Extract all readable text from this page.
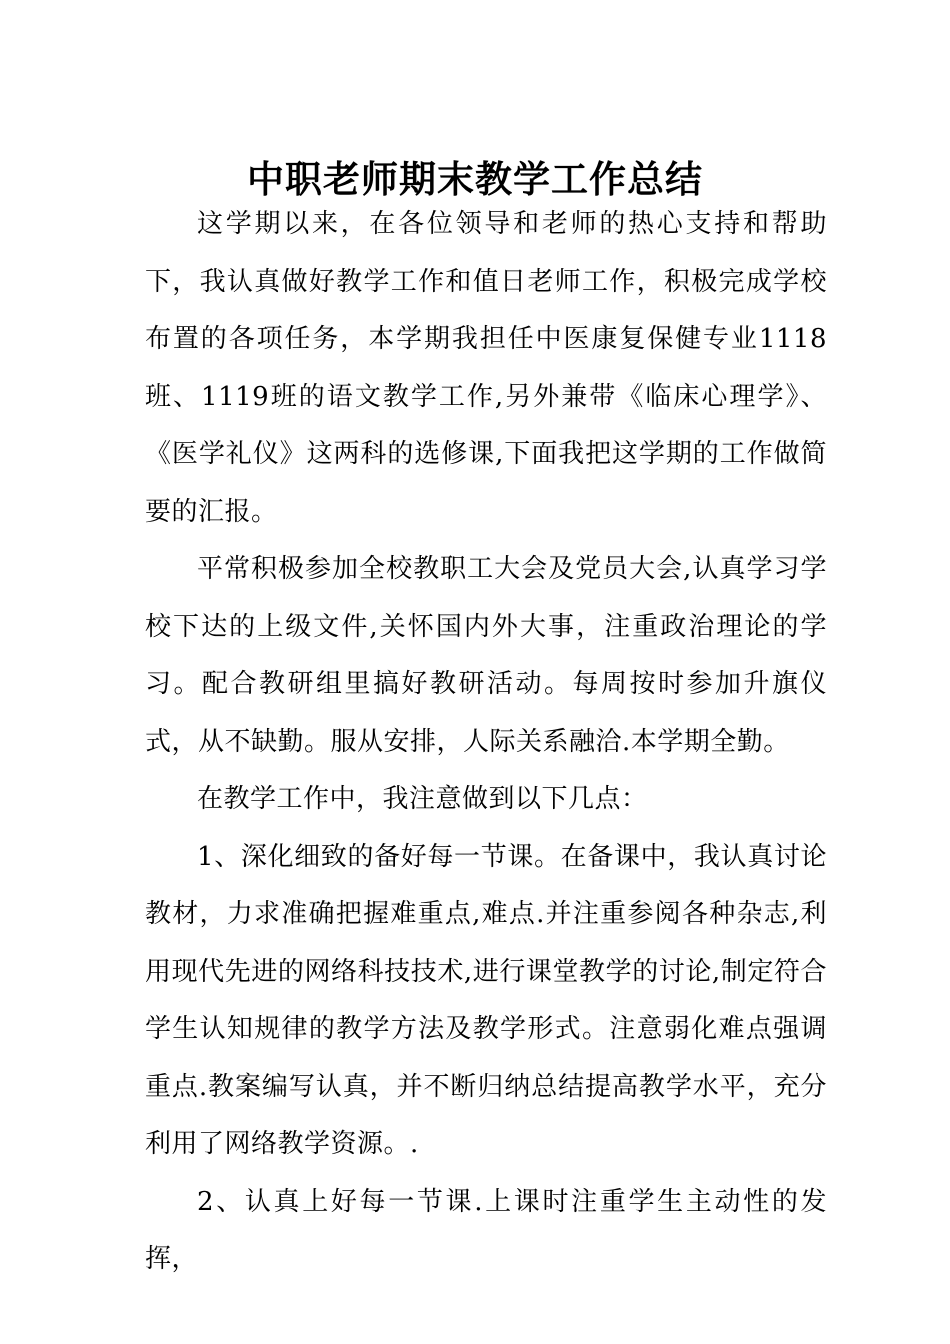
中职老师期末教学工作总结

这学期以来，在各位领导和老师的热心支持和帮助下，我认真做好教学工作和值日老师工作，积极完成学校布置的各项任务，本学期我担任中医康复保健专业1118班、1119班的语文教学工作,另外兼带《临床心理学》、《医学礼仪》这两科的选修课,下面我把这学期的工作做简要的汇报。

平常积极参加全校教职工大会及党员大会,认真学习学校下达的上级文件,关怀国内外大事，注重政治理论的学习。配合教研组里搞好教研活动。每周按时参加升旗仪式，从不缺勤。服从安排，人际关系融洽.本学期全勤。

在教学工作中，我注意做到以下几点：

1、深化细致的备好每一节课。在备课中，我认真讨论教材，力求准确把握难重点,难点.并注重参阅各种杂志,利用现代先进的网络科技技术,进行课堂教学的讨论,制定符合学生认知规律的教学方法及教学形式。注意弱化难点强调重点.教案编写认真，并不断归纳总结提高教学水平，充分利用了网络教学资源。.

2、认真上好每一节课.上课时注重学生主动性的发挥，
